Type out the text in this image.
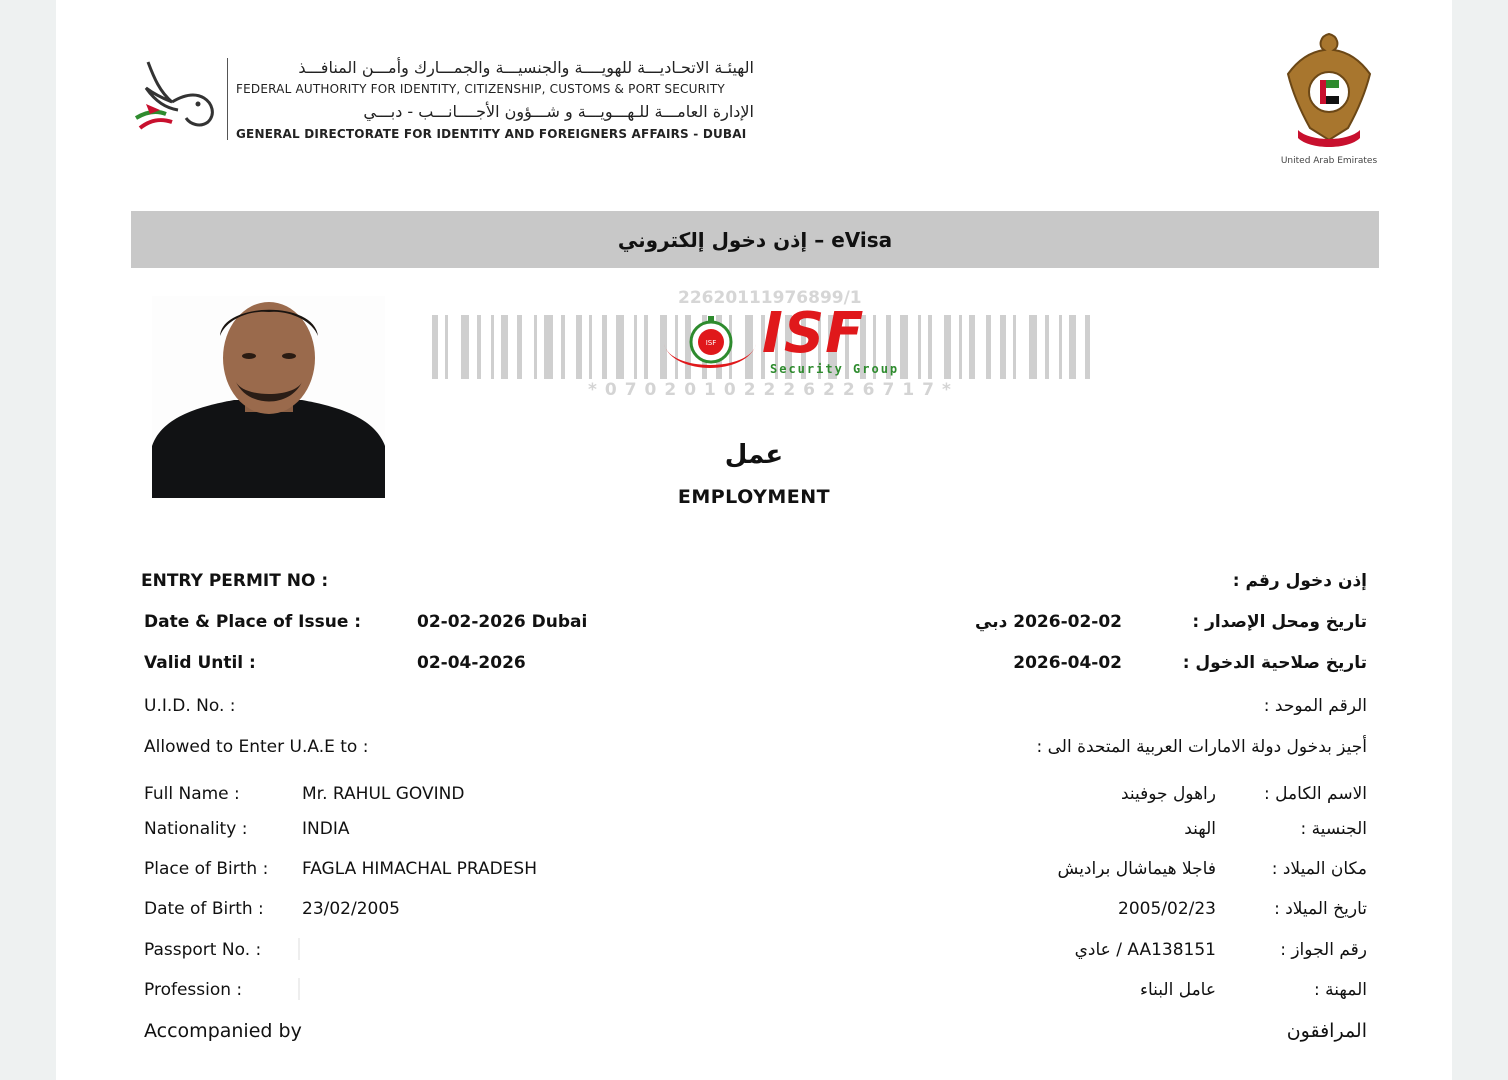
الهيئـة الاتحـاديـــة للهويــــة والجنسيـــة والجمـــارك وأمـــن المنافـــذ
FEDERAL AUTHORITY FOR IDENTITY, CITIZENSHIP, CUSTOMS & PORT SECURITY
الإدارة العامـــة للـهـــويـــة و شـــؤون الأجــــانـــب - دبـــي
GENERAL DIRECTORATE FOR IDENTITY AND FOREIGNERS AFFAIRS - DUBAI
United Arab Emirates
إذن دخول إلكتروني – eVisa
22620111976899/1
*07020102226226717*
ISF ISF
Security Group
عمل
EMPLOYMENT
ENTRY PERMIT NO :	إذن دخول رقم :
Date & Place of Issue :	02-02-2026 Dubai	2026-02-02 دبي	تاريخ ومحل الإصدار :
Valid Until :	02-04-2026	2026-04-02	تاريخ صلاحية الدخول :
U.I.D. No. :	الرقم الموحد :
Allowed to Enter U.A.E to :	أجيز بدخول دولة الامارات العربية المتحدة الى :
Full Name :	Mr. RAHUL GOVIND	راهول جوفيند	الاسم الكامل :
Nationality :	INDIA	الهند	الجنسية :
Place of Birth : FAGLA HIMACHAL PRADESH	فاجلا هيماشال براديش	مكان الميلاد :
Date of Birth : 23/02/2005	2005/02/23	تاريخ الميلاد :
Passport No. :	AA138151 / عادي	رقم الجواز :
Profession :	عامل البناء	المهنة :
Accompanied by	المرافقون
